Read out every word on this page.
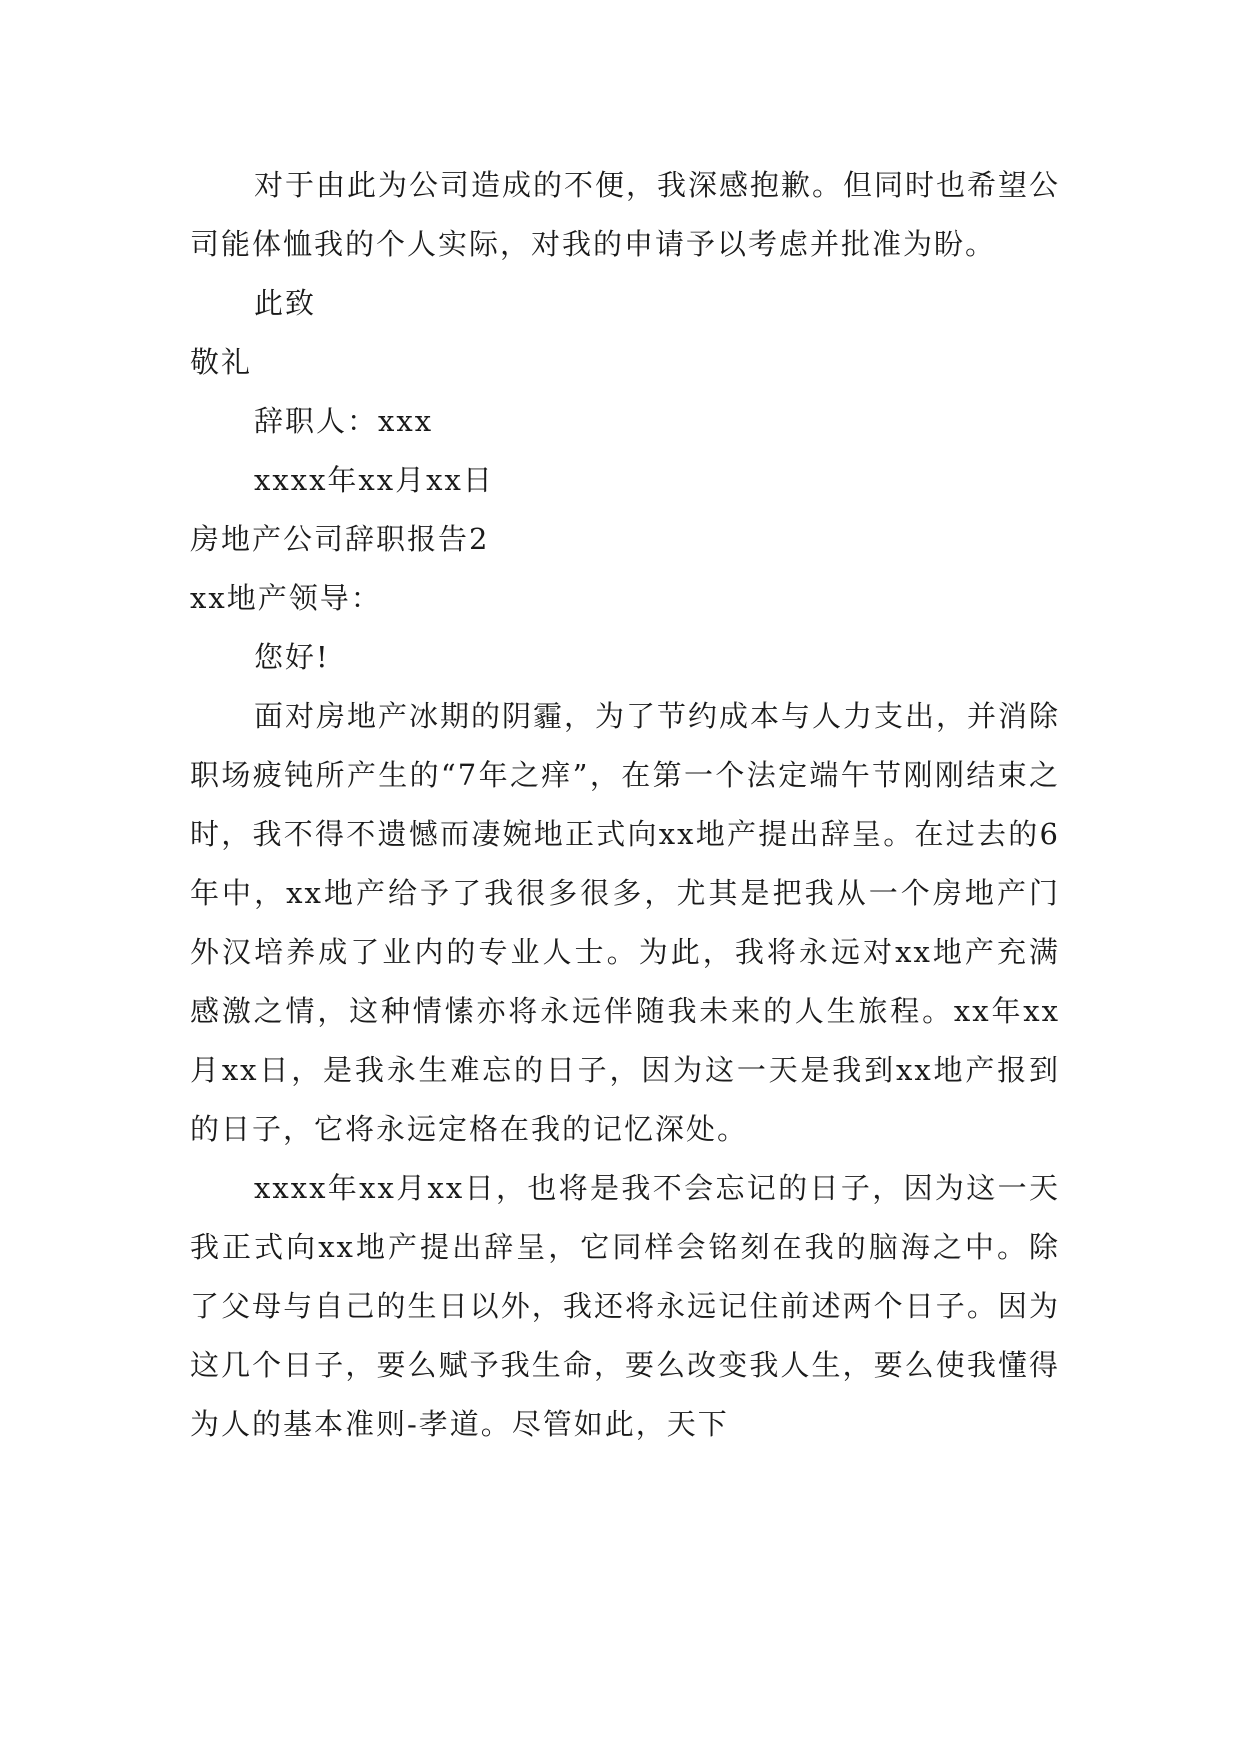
对于由此为公司造成的不便，我深感抱歉。但同时也希望公司能体恤我的个人实际，对我的申请予以考虑并批准为盼。

此致

敬礼

辞职人：xxx

xxxx年xx月xx日

房地产公司辞职报告2

xx地产领导：

您好!

面对房地产冰期的阴霾，为了节约成本与人力支出，并消除职场疲钝所产生的“7年之痒”，在第一个法定端午节刚刚结束之时，我不得不遗憾而凄婉地正式向xx地产提出辞呈。在过去的6年中，xx地产给予了我很多很多，尤其是把我从一个房地产门外汉培养成了业内的专业人士。为此，我将永远对xx地产充满感激之情，这种情愫亦将永远伴随我未来的人生旅程。xx年xx月xx日，是我永生难忘的日子，因为这一天是我到xx地产报到的日子，它将永远定格在我的记忆深处。

xxxx年xx月xx日，也将是我不会忘记的日子，因为这一天我正式向xx地产提出辞呈，它同样会铭刻在我的脑海之中。除了父母与自己的生日以外，我还将永远记住前述两个日子。因为这几个日子，要么赋予我生命，要么改变我人生，要么使我懂得为人的基本准则-孝道。尽管如此，天下
